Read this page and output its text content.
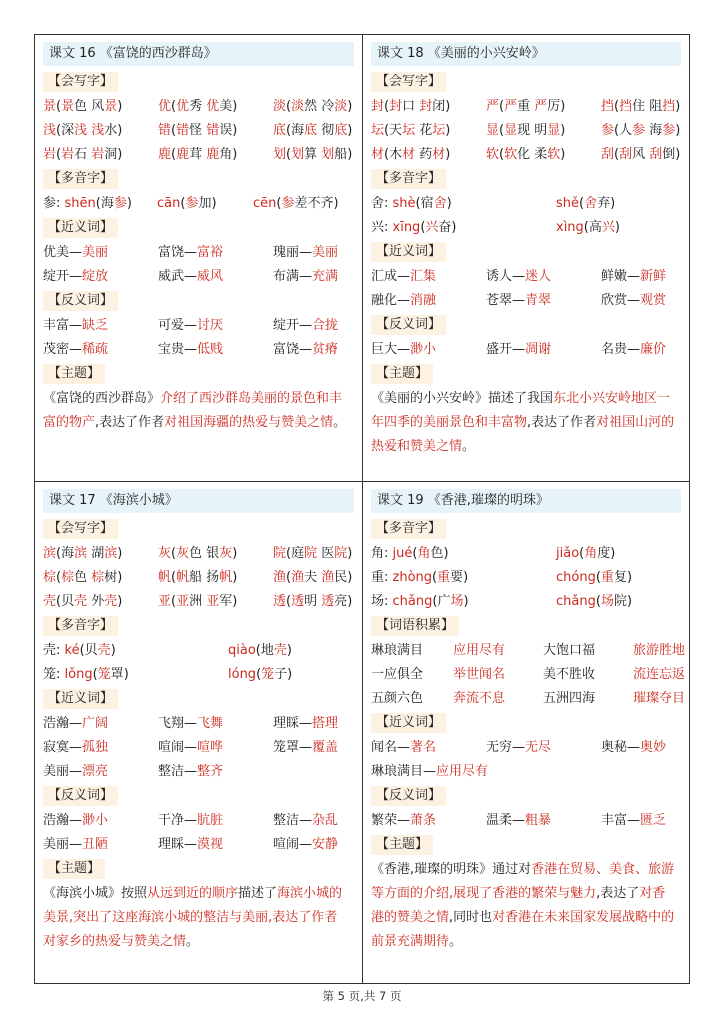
课文 16 《富饶的西沙群岛》
【会写字】
景(景色 风景)	优(优秀 优美)	淡(淡然 冷淡)
浅(深浅 浅水)	错(错怪 错误)	底(海底 彻底)
岩(岩石 岩洞)	鹿(鹿茸 鹿角)	划(划算 划船)
【多音字】
参: shēn(海参)	cān(参加)	cēn(参差不齐)
【近义词】
优美—美丽	富饶—富裕	瑰丽—美丽
绽开—绽放	威武—威风	布满—充满
【反义词】
丰富—缺乏	可爱—讨厌	绽开—合拢
茂密—稀疏	宝贵—低贱	富饶—贫瘠
【主题】

《富饶的西沙群岛》介绍了西沙群岛美丽的景色和丰富的物产,表达了作者对祖国海疆的热爱与赞美之情。

课文 18 《美丽的小兴安岭》
【会写字】
封(封口 封闭)	严(严重 严厉)	挡(挡住 阻挡)
坛(天坛 花坛)	显(显现 明显)	参(人参 海参)
材(木材 药材)	软(软化 柔软)	刮(刮风 刮倒)
【多音字】
舍: shè(宿舍)	shě(舍弃)
兴: xīng(兴奋)	xìng(高兴)
【近义词】
汇成—汇集	诱人—迷人	鲜嫩—新鲜
融化—消融	苍翠—青翠	欣赏—观赏
【反义词】
巨大—渺小	盛开—凋谢	名贵—廉价
【主题】

《美丽的小兴安岭》描述了我国东北小兴安岭地区一年四季的美丽景色和丰富物,表达了作者对祖国山河的热爱和赞美之情。

课文 17 《海滨小城》
【会写字】
滨(海滨 湖滨)	灰(灰色 银灰)	院(庭院 医院)
棕(棕色 棕树)	帆(帆船 扬帆)	渔(渔夫 渔民)
壳(贝壳 外壳)	亚(亚洲 亚军)	透(透明 透亮)
【多音字】
壳: ké(贝壳)	qiào(地壳)
笼: lǒng(笼罩)	lóng(笼子)
【近义词】
浩瀚—广阔	飞翔—飞舞	理睬—搭理
寂寞—孤独	喧闹—喧哗	笼罩—覆盖
美丽—漂亮	整洁—整齐
【反义词】
浩瀚—渺小	干净—肮脏	整洁—杂乱
美丽—丑陋	理睬—漠视	喧闹—安静
【主题】

《海滨小城》按照从远到近的顺序描述了海滨小城的美景,突出了这座海滨小城的整洁与美丽,表达了作者对家乡的热爱与赞美之情。

课文 19 《香港,璀璨的明珠》
【多音字】
角: jué(角色)	jiǎo(角度)
重: zhòng(重要)	chóng(重复)
场: chǎng(广场)	chǎng(场院)
【词语积累】
琳琅满目	应用尽有	大饱口福	旅游胜地
一应俱全	举世闻名	美不胜收	流连忘返
五颜六色	奔流不息	五洲四海	璀璨夺目
【近义词】
闻名—著名	无穷—无尽	奥秘—奥妙
琳琅满目—应用尽有
【反义词】
繁荣—萧条	温柔—粗暴	丰富—匮乏
【主题】

《香港,璀璨的明珠》通过对香港在贸易、美食、旅游等方面的介绍,展现了香港的繁荣与魅力,表达了对香港的赞美之情,同时也对香港在未来国家发展战略中的前景充满期待。

第 5 页,共 7 页
